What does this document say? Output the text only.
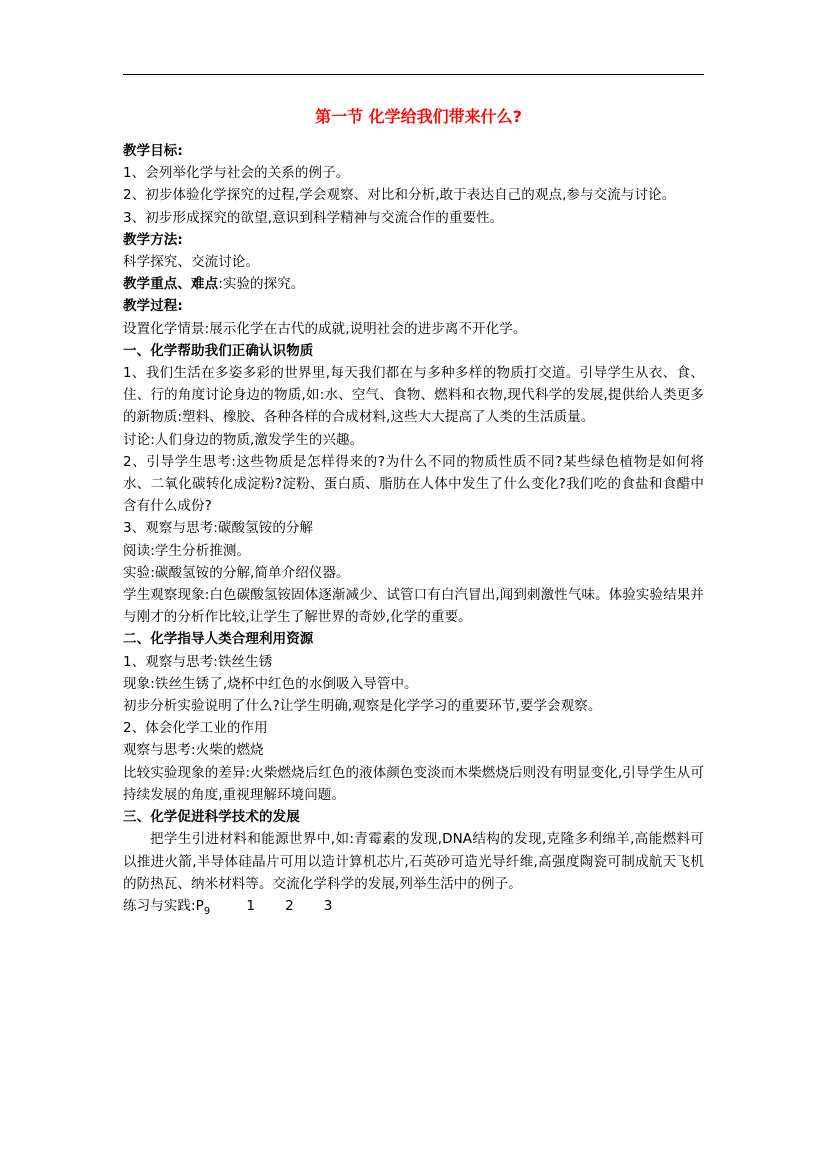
第一节 化学给我们带来什么?

教学目标:

1、会列举化学与社会的关系的例子。

2、初步体验化学探究的过程,学会观察、对比和分析,敢于表达自己的观点,参与交流与讨论。

3、初步形成探究的欲望,意识到科学精神与交流合作的重要性。

教学方法:

科学探究、交流讨论。

教学重点、难点:实验的探究。

教学过程:

设置化学情景:展示化学在古代的成就,说明社会的进步离不开化学。

一、化学帮助我们正确认识物质

1、我们生活在多姿多彩的世界里,每天我们都在与多种多样的物质打交道。引导学生从衣、食、住、行的角度讨论身边的物质,如:水、空气、食物、燃料和衣物,现代科学的发展,提供给人类更多的新物质:塑料、橡胶、各种各样的合成材料,这些大大提高了人类的生活质量。

讨论:人们身边的物质,激发学生的兴趣。

2、引导学生思考:这些物质是怎样得来的?为什么不同的物质性质不同?某些绿色植物是如何将水、二氧化碳转化成淀粉?淀粉、蛋白质、脂肪在人体中发生了什么变化?我们吃的食盐和食醋中含有什么成份?

3、观察与思考:碳酸氢铵的分解

阅读:学生分析推测。

实验:碳酸氢铵的分解,简单介绍仪器。

学生观察现象:白色碳酸氢铵固体逐渐减少、试管口有白汽冒出,闻到刺激性气味。体验实验结果并与刚才的分析作比较,让学生了解世界的奇妙,化学的重要。

二、化学指导人类合理利用资源

1、观察与思考:铁丝生锈

现象:铁丝生锈了,烧杯中红色的水倒吸入导管中。

初步分析实验说明了什么?让学生明确,观察是化学学习的重要环节,要学会观察。

2、体会化学工业的作用

观察与思考:火柴的燃烧

比较实验现象的差异:火柴燃烧后红色的液体颜色变淡而木柴燃烧后则没有明显变化,引导学生从可持续发展的角度,重视理解环境问题。

三、化学促进科学技术的发展

把学生引进材料和能源世界中,如:青霉素的发现,DNA结构的发现,克隆多利绵羊,高能燃料可以推进火箭,半导体硅晶片可用以造计算机芯片,石英砂可造光导纤维,高强度陶瓷可制成航天飞机的防热瓦、纳米材料等。交流化学科学的发展,列举生活中的例子。

练习与实践:P9	1 2 3
